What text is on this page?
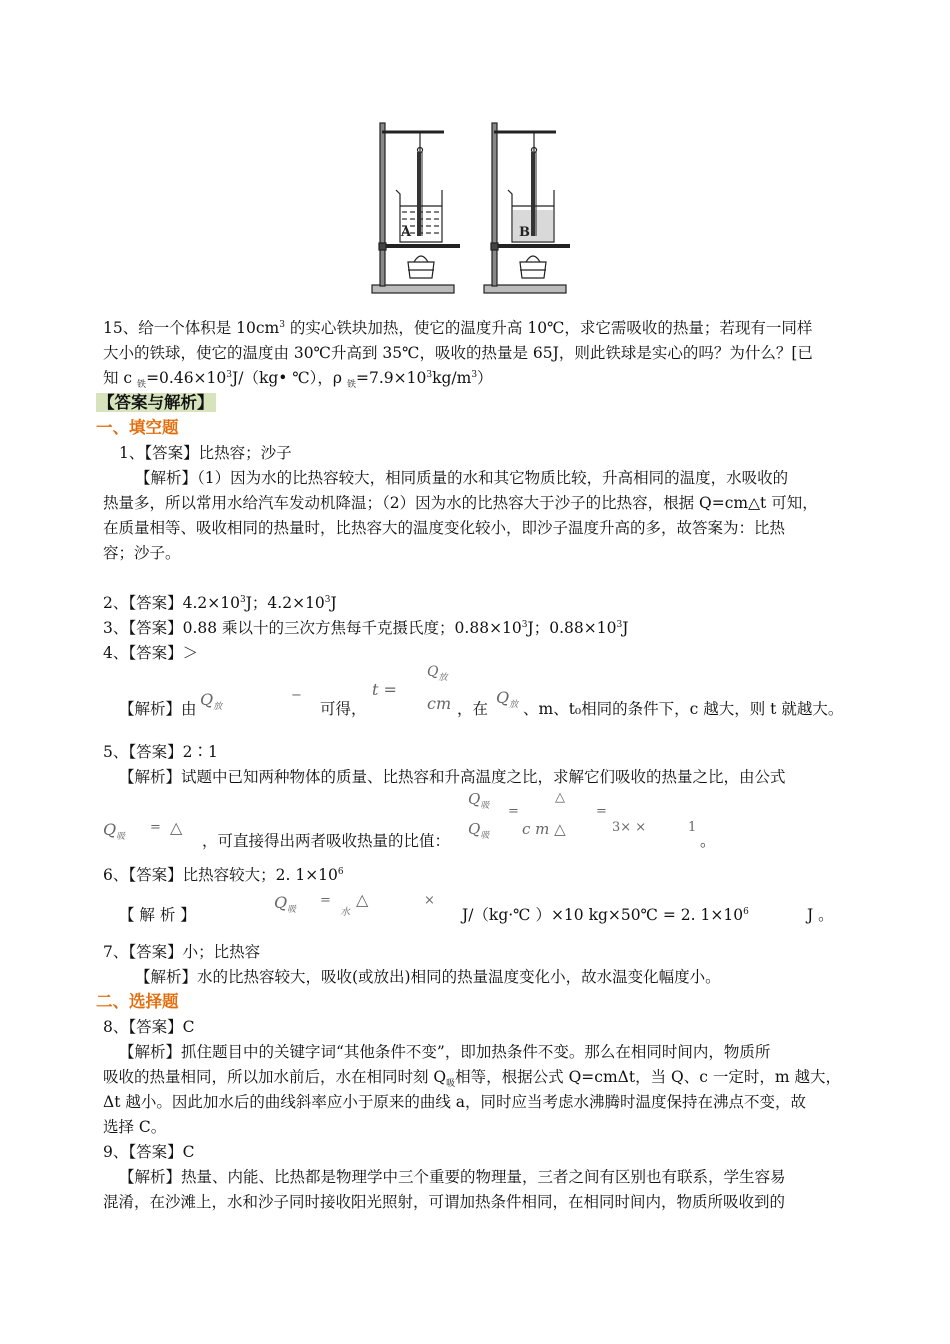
A	B
15、给一个体积是 $10cm^3$ 的实心铁块加热，使它的温度升高 10℃，求它需吸收的热量；若现有一同样
大小的铁球，使它的温度由 30℃升高到 35℃，吸收的热量是 65J，则此铁球是实心的吗？为什么？[已
知 c $_铁=0.46\times 10^3J/(kg•$ ℃），ρ $_铁=7.9\times 10^3kg/m^3$）
【答案与解析】
一、填空题
1、【答案】比热容；沙子
【解析】（1）因为水的比热容较大，相同质量的水和其它物质比较，升高相同的温度，水吸收的
热量多，所以常用水给汽车发动机降温；（2）因为水的比热容大于沙子的比热容，根据 Q=cm△t 可知，
在质量相等、吸收相同的热量时，比热容大的温度变化较小，即沙子温度升高的多，故答案为：比热
容；沙子。
2、【答案】$4.2\times 10^3J$；$4.2\times 10^3J$
3、【答案】0.88 乘以十的三次方焦每千克摄氏度；$0.88\times 10^3J$；$0.88\times 10^3J$
4、【答案】＞
【解析】由 $Q_放$
−
可得，
t =
$Q_放$
cm ，在
$Q_放$ 、m、t₀相同的条件下，c 越大，则 t 就越大。
5、【答案】2∶1
【解析】试题中已知两种物体的质量、比热容和升高温度之比，求解它们吸收的热量之比，由公式
$Q_吸$
= △
，可直接得出两者吸收热量的比值：
$Q_吸$
$Q_吸$
=
△
c m △
=
3× ×	1
。
6、【答案】比热容较大；2. $1\times 10^6$
【 解 析 】
$Q_吸$
=
水
△	×
J/（kg·℃ ）×10 kg×50℃ = 2. $1\times 10^6$	J 。
7、【答案】小；比热容
【解析】水的比热容较大，吸收(或放出)相同的热量温度变化小，故水温变化幅度小。
二、选择题
8、【答案】C
【解析】抓住题目中的关键字词“其他条件不变”，即加热条件不变。那么在相同时间内，物质所
吸收的热量相同，所以加水前后，水在相同时刻 $Q_吸$相等，根据公式 Q=cmΔt，当 Q、c 一定时，m 越大，
Δt 越小。因此加水后的曲线斜率应小于原来的曲线 a，同时应当考虑水沸腾时温度保持在沸点不变，故
选择 C。
9、【答案】C
【解析】热量、内能、比热都是物理学中三个重要的物理量，三者之间有区别也有联系，学生容易
混淆，在沙滩上，水和沙子同时接收阳光照射，可谓加热条件相同，在相同时间内，物质所吸收到的
